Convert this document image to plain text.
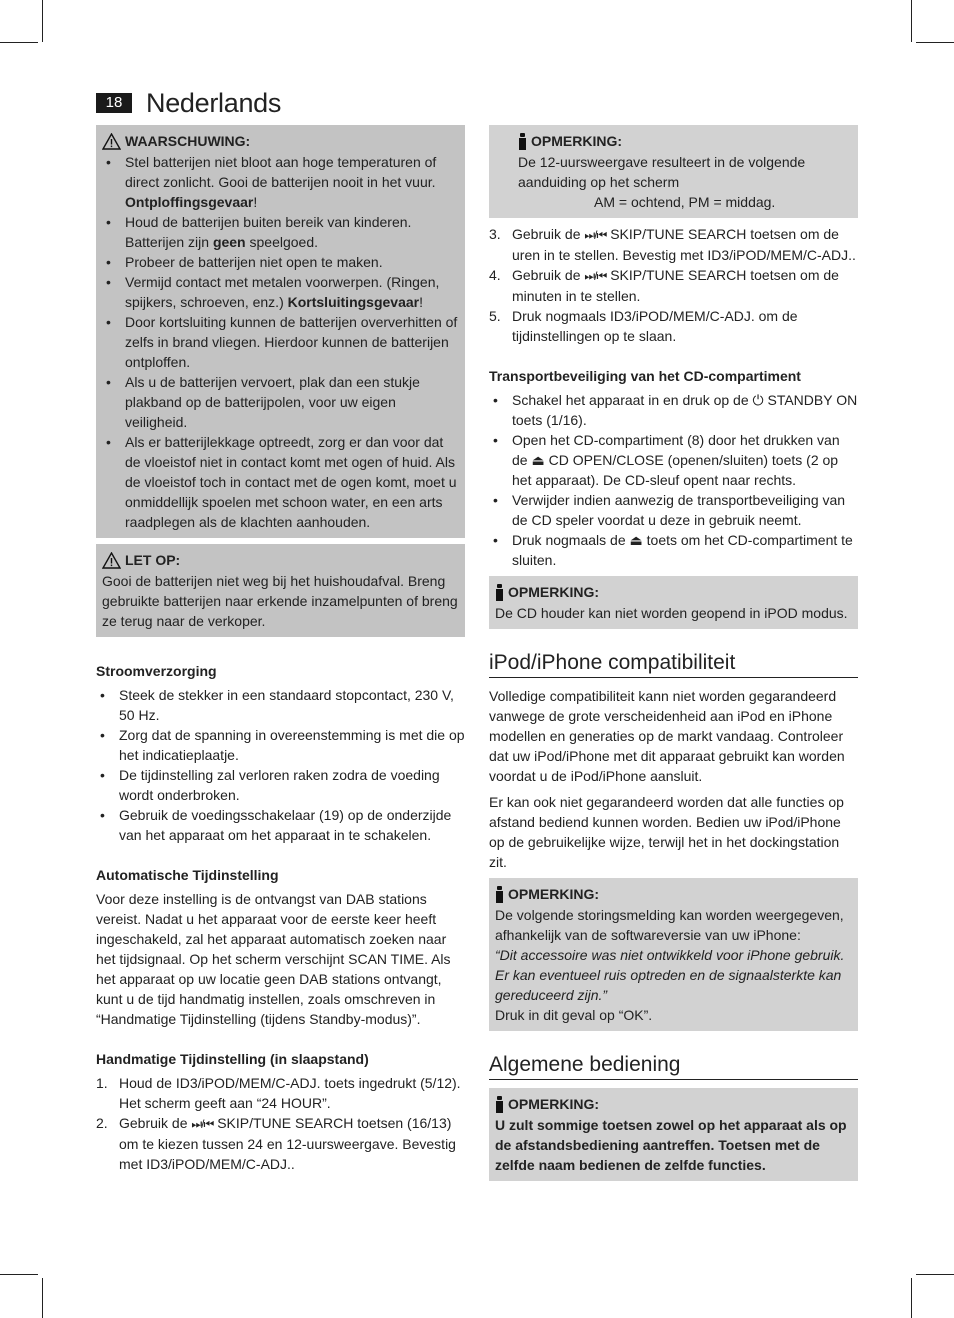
18 Nederlands
WAARSCHUWING:
• Stel batterijen niet bloot aan hoge temperaturen of direct zonlicht. Gooi de batterijen nooit in het vuur. Ontploffingsgevaar!
• Houd de batterijen buiten bereik van kinderen. Batterijen zijn geen speelgoed.
• Probeer de batterijen niet open te maken.
• Vermijd contact met metalen voorwerpen. (Ringen, spijkers, schroeven, enz.) Kortsluitingsgevaar!
• Door kortsluiting kunnen de batterijen oververhitten of zelfs in brand vliegen. Hierdoor kunnen de batterijen ontploffen.
• Als u de batterijen vervoert, plak dan een stukje plakband op de batterijpolen, voor uw eigen veiligheid.
• Als er batterijlekkage optreedt, zorg er dan voor dat de vloeistof niet in contact komt met ogen of huid. Als de vloeistof toch in contact met de ogen komt, moet u onmiddellijk spoelen met schoon water, en een arts raadplegen als de klachten aanhouden.
LET OP:

Gooi de batterijen niet weg bij het huishoudafval. Breng gebruikte batterijen naar erkende inzamelpunten of breng ze terug naar de verkoper.

Stroomverzorging

• Steek de stekker in een standaard stopcontact, 230 V, 50 Hz.
• Zorg dat de spanning in overeenstemming is met die op het indicatieplaatje.
• De tijdinstelling zal verloren raken zodra de voeding wordt onderbroken.
• Gebruik de voedingsschakelaar (19) op de onderzijde van het apparaat om het apparaat in te schakelen.

Automatische Tijdinstelling

Voor deze instelling is de ontvangst van DAB stations vereist. Nadat u het apparaat voor de eerste keer heeft ingeschakeld, zal het apparaat automatisch zoeken naar het tijdsignaal. Op het scherm verschijnt SCAN TIME. Als het apparaat op uw locatie geen DAB stations ontvangt, kunt u de tijd handmatig instellen, zoals omschreven in “Handmatige Tijdinstelling (tijdens Standby-modus)”.

Handmatige Tijdinstelling (in slaapstand)

1. Houd de ID3/iPOD/MEM/C-ADJ. toets ingedrukt (5/12). Het scherm geeft aan “24 HOUR”.
2. Gebruik de ⏭/⏮ SKIP/TUNE SEARCH toetsen (16/13) om te kiezen tussen 24 en 12-uursweergave. Bevestig met ID3/iPOD/MEM/C-ADJ..
OPMERKING:

De 12-uursweergave resulteert in de volgende aanduiding op het scherm

AM = ochtend, PM = middag.

3. Gebruik de ⏭/⏮ SKIP/TUNE SEARCH toetsen om de uren in te stellen. Bevestig met ID3/iPOD/MEM/C-ADJ..
4. Gebruik de ⏭/⏮ SKIP/TUNE SEARCH toetsen om de minuten in te stellen.
5. Druk nogmaals ID3/iPOD/MEM/C-ADJ. om de tijdinstellingen op te slaan.

Transportbeveiliging van het CD-compartiment

• Schakel het apparaat in en druk op de ⏻ STANDBY ON toets (1/16).
• Open het CD-compartiment (8) door het drukken van de ⏏ CD OPEN/CLOSE (openen/sluiten) toets (2 op het apparaat). De CD-sleuf opent naar rechts.
• Verwijder indien aanwezig de transportbeveiliging van de CD speler voordat u deze in gebruik neemt.
• Druk nogmaals de ⏏ toets om het CD-compartiment te sluiten.
OPMERKING:

De CD houder kan niet worden geopend in iPOD modus.

iPod/iPhone compatibiliteit

Volledige compatibiliteit kann niet worden gegarandeerd vanwege de grote verscheidenheid aan iPod en iPhone modellen en generaties op de markt vandaag. Controleer dat uw iPod/iPhone met dit apparaat gebruikt kan worden voordat u de iPod/iPhone aansluit.

Er kan ook niet gegarandeerd worden dat alle functies op afstand bediend kunnen worden. Bedien uw iPod/iPhone op de gebruikelijke wijze, terwijl het in het dockingstation zit.

OPMERKING:

De volgende storingsmelding kan worden weergegeven, afhankelijk van de softwareversie van uw iPhone:

“Dit accessoire was niet ontwikkeld voor iPhone gebruik. Er kan eventueel ruis optreden en de signaalsterkte kan gereduceerd zijn.”

Druk in dit geval op “OK”.

Algemene bediening
OPMERKING:

U zult sommige toetsen zowel op het apparaat als op de afstandsbediening aantreffen. Toetsen met de zelfde naam bedienen de zelfde functies.
